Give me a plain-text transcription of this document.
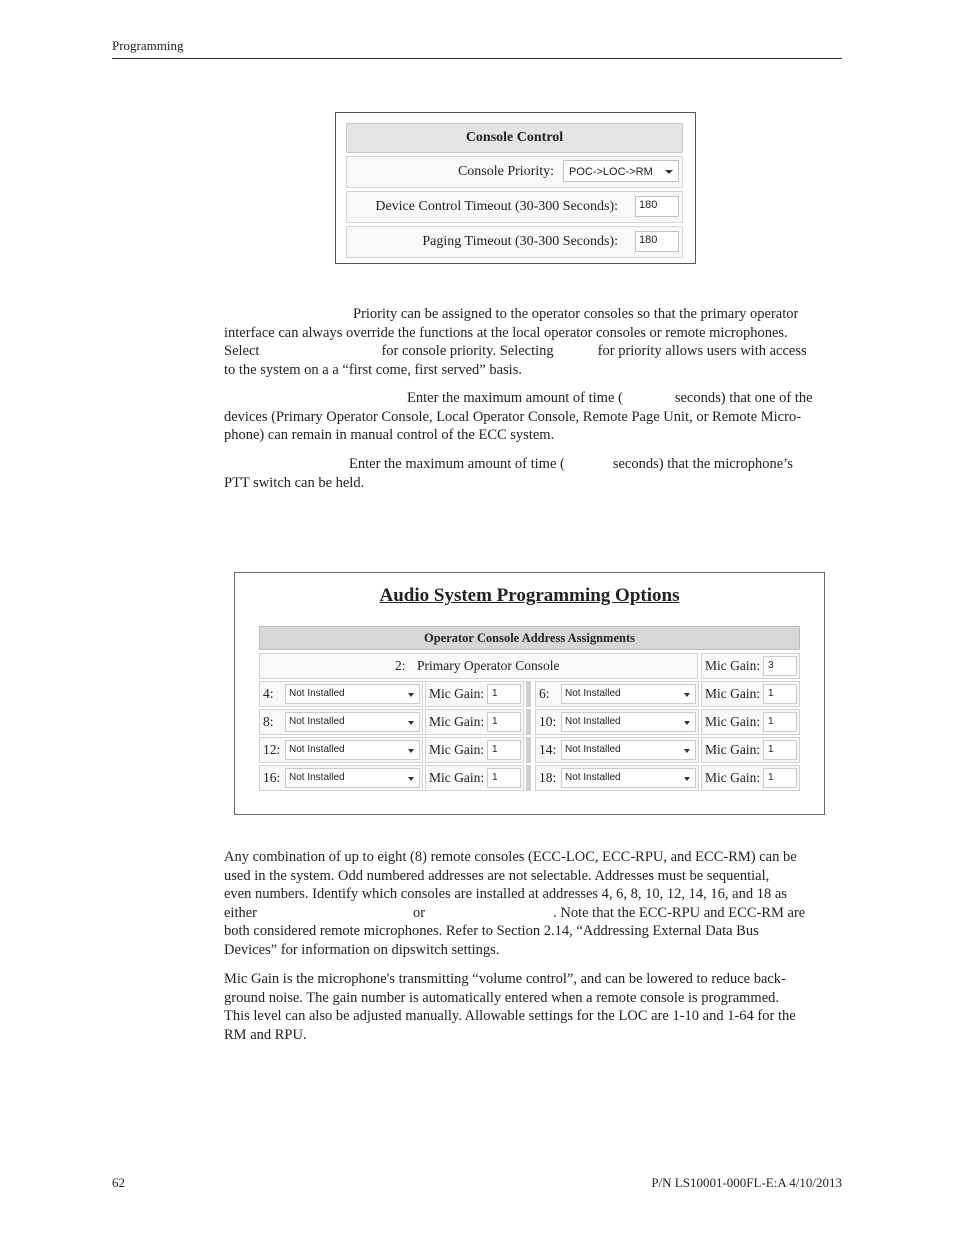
Programming
62	P/N LS10001-000FL-E:A 4/10/2013
Console Control
Console Priority:	POC->LOC->RM
Device Control Timeout (30-300 Seconds):	180
Paging Timeout (30-300 Seconds):	180
Priority can be assigned to the operator consoles so that the primary operator
interface can always override the functions at the local operator consoles or remote microphones.
Select	for console priority. Selecting	for priority allows users with access
to the system on a a “first come, first served” basis.
Enter the maximum amount of time (	seconds) that one of the
devices (Primary Operator Console, Local Operator Console, Remote Page Unit, or Remote Micro-
phone) can remain in manual control of the ECC system.
Enter the maximum amount of time (	seconds) that the microphone’s
PTT switch can be held.
Audio System Programming Options
Operator Console Address Assignments
2: Primary Operator Console	Mic Gain: 3
4:	Not Installed	Mic Gain: 1	6:	Not Installed	Mic Gain: 1
8:	Not Installed	Mic Gain: 1	10: Not Installed	Mic Gain: 1
12: Not Installed	Mic Gain: 1	14: Not Installed	Mic Gain: 1
16: Not Installed	Mic Gain: 1	18: Not Installed	Mic Gain: 1
Any combination of up to eight (8) remote consoles (ECC-LOC, ECC-RPU, and ECC-RM) can be
used in the system. Odd numbered addresses are not selectable. Addresses must be sequential,
even numbers. Identify which consoles are installed at addresses 4, 6, 8, 10, 12, 14, 16, and 18 as
either	or	. Note that the ECC-RPU and ECC-RM are
both considered remote microphones. Refer to Section 2.14, “Addressing External Data Bus
Devices” for information on dipswitch settings.
Mic Gain is the microphone's transmitting “volume control”, and can be lowered to reduce back-
ground noise. The gain number is automatically entered when a remote console is programmed.
This level can also be adjusted manually. Allowable settings for the LOC are 1-10 and 1-64 for the
RM and RPU.
